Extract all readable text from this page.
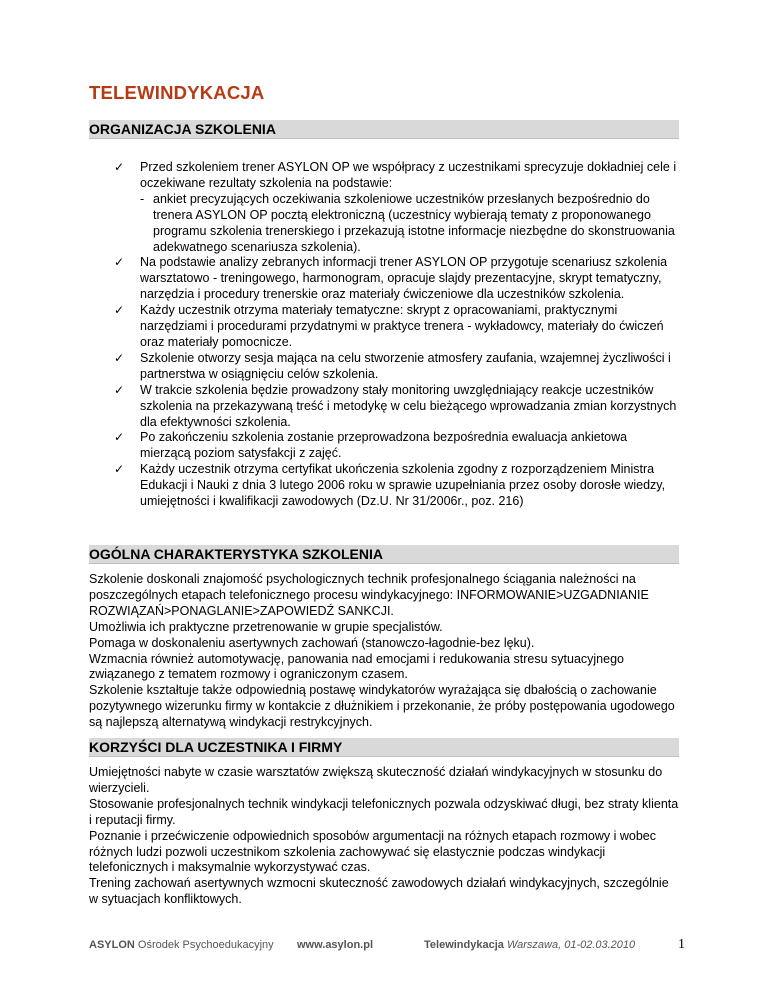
TELEWINDYKACJA
ORGANIZACJA SZKOLENIA
✓ Przed szkoleniem trener ASYLON OP we współpracy z uczestnikami sprecyzuje dokładniej cele i oczekiwane rezultaty szkolenia na podstawie:
- ankiet precyzujących oczekiwania szkoleniowe uczestników przesłanych bezpośrednio do trenera ASYLON OP pocztą elektroniczną (uczestnicy wybierają tematy z proponowanego programu szkolenia trenerskiego i przekazują istotne informacje niezbędne do skonstruowania adekwatnego scenariusza szkolenia).
✓ Na podstawie analizy zebranych informacji trener ASYLON OP przygotuje scenariusz szkolenia warsztatowo - treningowego, harmonogram, opracuje slajdy prezentacyjne, skrypt tematyczny, narzędzia i procedury trenerskie oraz materiały ćwiczeniowe dla uczestników szkolenia.
✓ Każdy uczestnik otrzyma materiały tematyczne: skrypt z opracowaniami, praktycznymi narzędziami i procedurami przydatnymi w praktyce trenera - wykładowcy, materiały do ćwiczeń oraz materiały pomocnicze.
✓ Szkolenie otworzy sesja mająca na celu stworzenie atmosfery zaufania, wzajemnej życzliwości i partnerstwa w osiągnięciu celów szkolenia.
✓ W trakcie szkolenia będzie prowadzony stały monitoring uwzględniający reakcje uczestników szkolenia na przekazywaną treść i metodykę w celu bieżącego wprowadzania zmian korzystnych dla efektywności szkolenia.
✓ Po zakończeniu szkolenia zostanie przeprowadzona bezpośrednia ewaluacja ankietowa mierzącą poziom satysfakcji z zajęć.
✓ Każdy uczestnik otrzyma certyfikat ukończenia szkolenia zgodny z rozporządzeniem Ministra Edukacji i Nauki z dnia 3 lutego 2006 roku w sprawie uzupełniania przez osoby dorosłe wiedzy, umiejętności i kwalifikacji zawodowych (Dz.U. Nr 31/2006r., poz. 216)
OGÓLNA CHARAKTERYSTYKA SZKOLENIA

Szkolenie doskonali znajomość psychologicznych technik profesjonalnego ściągania należności na poszczególnych etapach telefonicznego procesu windykacyjnego: INFORMOWANIE>UZGADNIANIE ROZWIĄZAŃ>PONAGLANIE>ZAPOWIEDŹ SANKCJI.

Umożliwia ich praktyczne przetrenowanie w grupie specjalistów.

Pomaga w doskonaleniu asertywnych zachowań (stanowczo-łagodnie-bez lęku).

Wzmacnia również automotywację, panowania nad emocjami i redukowania stresu sytuacyjnego związanego z tematem rozmowy i ograniczonym czasem.

Szkolenie kształtuje także odpowiednią postawę windykatorów wyrażająca się dbałością o zachowanie pozytywnego wizerunku firmy w kontakcie z dłużnikiem i przekonanie, że próby postępowania ugodowego są najlepszą alternatywą windykacji restrykcyjnych.

KORZYŚCI DLA UCZESTNIKA I FIRMY

Umiejętności nabyte w czasie warsztatów zwiększą skuteczność działań windykacyjnych w stosunku do wierzycieli.

Stosowanie profesjonalnych technik windykacji telefonicznych pozwala odzyskiwać długi, bez straty klienta i reputacji firmy.

Poznanie i przećwiczenie odpowiednich sposobów argumentacji na różnych etapach rozmowy i wobec różnych ludzi pozwoli uczestnikom szkolenia zachowywać się elastycznie podczas windykacji telefonicznych i maksymalnie wykorzystywać czas.

Trening zachowań asertywnych wzmocni skuteczność zawodowych działań windykacyjnych, szczególnie w sytuacjach konfliktowych.

ASYLON Ośrodek Psychoedukacyjny www.asylon.pl	Telewindykacja Warszawa, 01-02.03.2010	1
